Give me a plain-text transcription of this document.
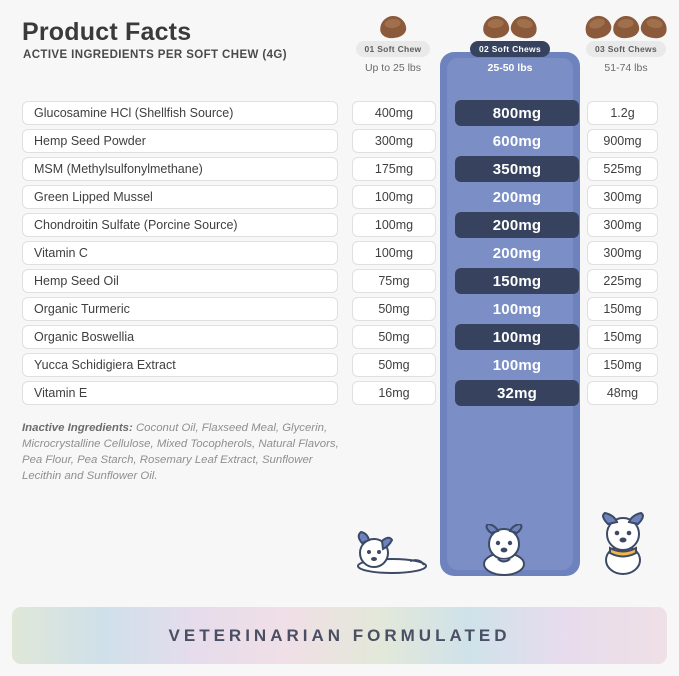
Product Facts
ACTIVE INGREDIENTS PER SOFT CHEW (4G)	01 Soft Chew
Up to 25 lbs
02 Soft Chews
25-50 lbs
03 Soft Chews
51-74 lbs
Glucosamine HCl (Shellfish Source)	400mg	800mg	1.2g
Hemp Seed Powder	300mg	600mg	900mg
MSM (Methylsulfonylmethane)	175mg	350mg	525mg
Green Lipped Mussel	100mg	200mg	300mg
Chondroitin Sulfate (Porcine Source)	100mg	200mg	300mg
Vitamin C	100mg	200mg	300mg
Hemp Seed Oil	75mg	150mg	225mg
Organic Turmeric	50mg	100mg	150mg
Organic Boswellia	50mg	100mg	150mg
Yucca Schidigiera Extract	50mg	100mg	150mg
Vitamin E	16mg	32mg	48mg
Inactive Ingredients: Coconut Oil, Flaxseed Meal, Glycerin, Microcrystalline Cellulose, Mixed Tocopherols, Natural Flavors, Pea Flour, Pea Starch, Rosemary Leaf Extract, Sunflower Lecithin and Sunflower Oil.
VETERINARIAN FORMULATED
